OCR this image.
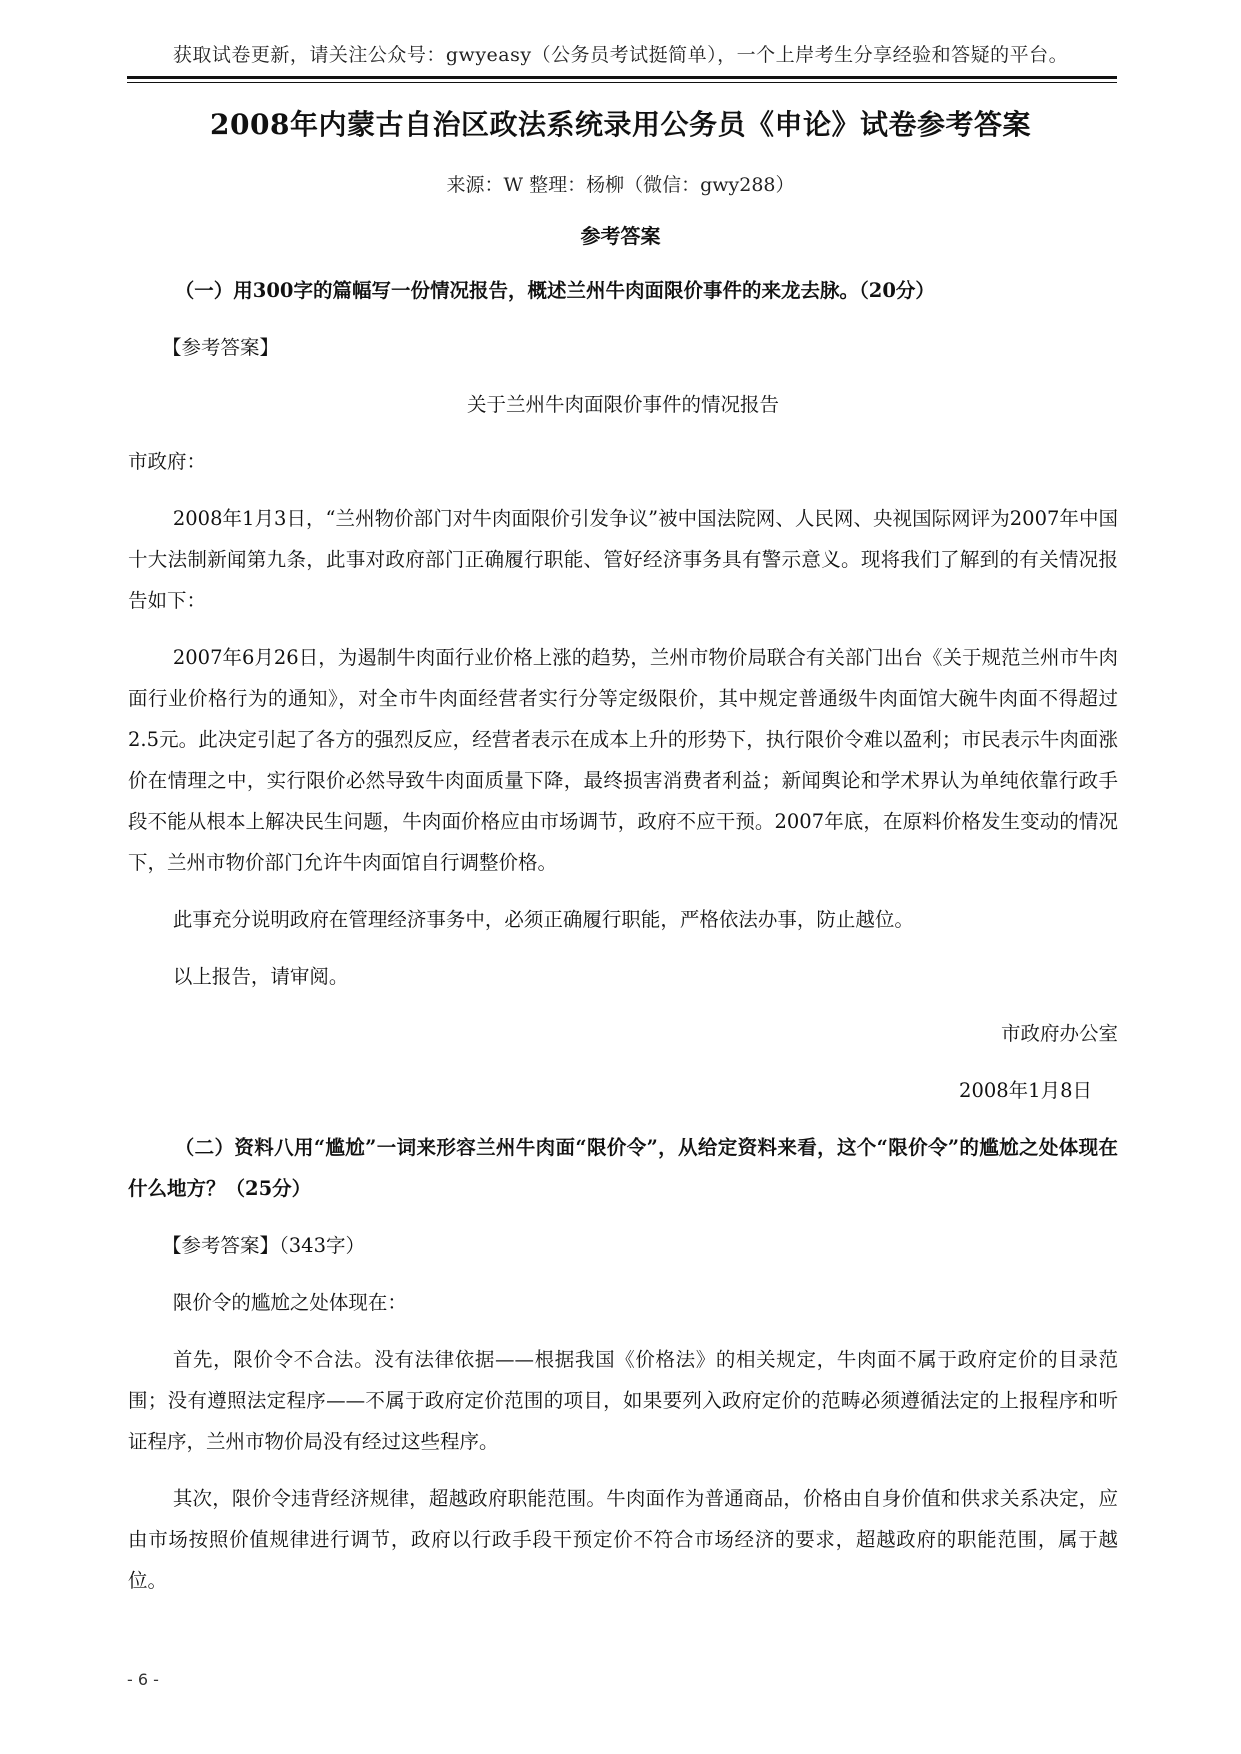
获取试卷更新，请关注公众号：gwyeasy（公务员考试挺简单），一个上岸考生分享经验和答疑的平台。
2008年内蒙古自治区政法系统录用公务员《申论》试卷参考答案
来源：W 整理：杨柳（微信：gwy288）
参考答案

（一）用300字的篇幅写一份情况报告，概述兰州牛肉面限价事件的来龙去脉。（20分）

【参考答案】

关于兰州牛肉面限价事件的情况报告

市政府：

2008年1月3日，“兰州物价部门对牛肉面限价引发争议”被中国法院网、人民网、央视国际网评为2007年中国十大法制新闻第九条，此事对政府部门正确履行职能、管好经济事务具有警示意义。现将我们了解到的有关情况报告如下：

2007年6月26日，为遏制牛肉面行业价格上涨的趋势，兰州市物价局联合有关部门出台《关于规范兰州市牛肉面行业价格行为的通知》，对全市牛肉面经营者实行分等定级限价，其中规定普通级牛肉面馆大碗牛肉面不得超过2.5元。此决定引起了各方的强烈反应，经营者表示在成本上升的形势下，执行限价令难以盈利；市民表示牛肉面涨价在情理之中，实行限价必然导致牛肉面质量下降，最终损害消费者利益；新闻舆论和学术界认为单纯依靠行政手段不能从根本上解决民生问题，牛肉面价格应由市场调节，政府不应干预。2007年底，在原料价格发生变动的情况下，兰州市物价部门允许牛肉面馆自行调整价格。

此事充分说明政府在管理经济事务中，必须正确履行职能，严格依法办事，防止越位。

以上报告，请审阅。

市政府办公室

2008年1月8日

（二）资料八用“尴尬”一词来形容兰州牛肉面“限价令”，从给定资料来看，这个“限价令”的尴尬之处体现在什么地方？（25分）

【参考答案】（343字）

限价令的尴尬之处体现在：

首先，限价令不合法。没有法律依据——根据我国《价格法》的相关规定，牛肉面不属于政府定价的目录范围；没有遵照法定程序——不属于政府定价范围的项目，如果要列入政府定价的范畴必须遵循法定的上报程序和听证程序，兰州市物价局没有经过这些程序。

其次，限价令违背经济规律，超越政府职能范围。牛肉面作为普通商品，价格由自身价值和供求关系决定，应由市场按照价值规律进行调节，政府以行政手段干预定价不符合市场经济的要求，超越政府的职能范围，属于越位。

- 6 -
